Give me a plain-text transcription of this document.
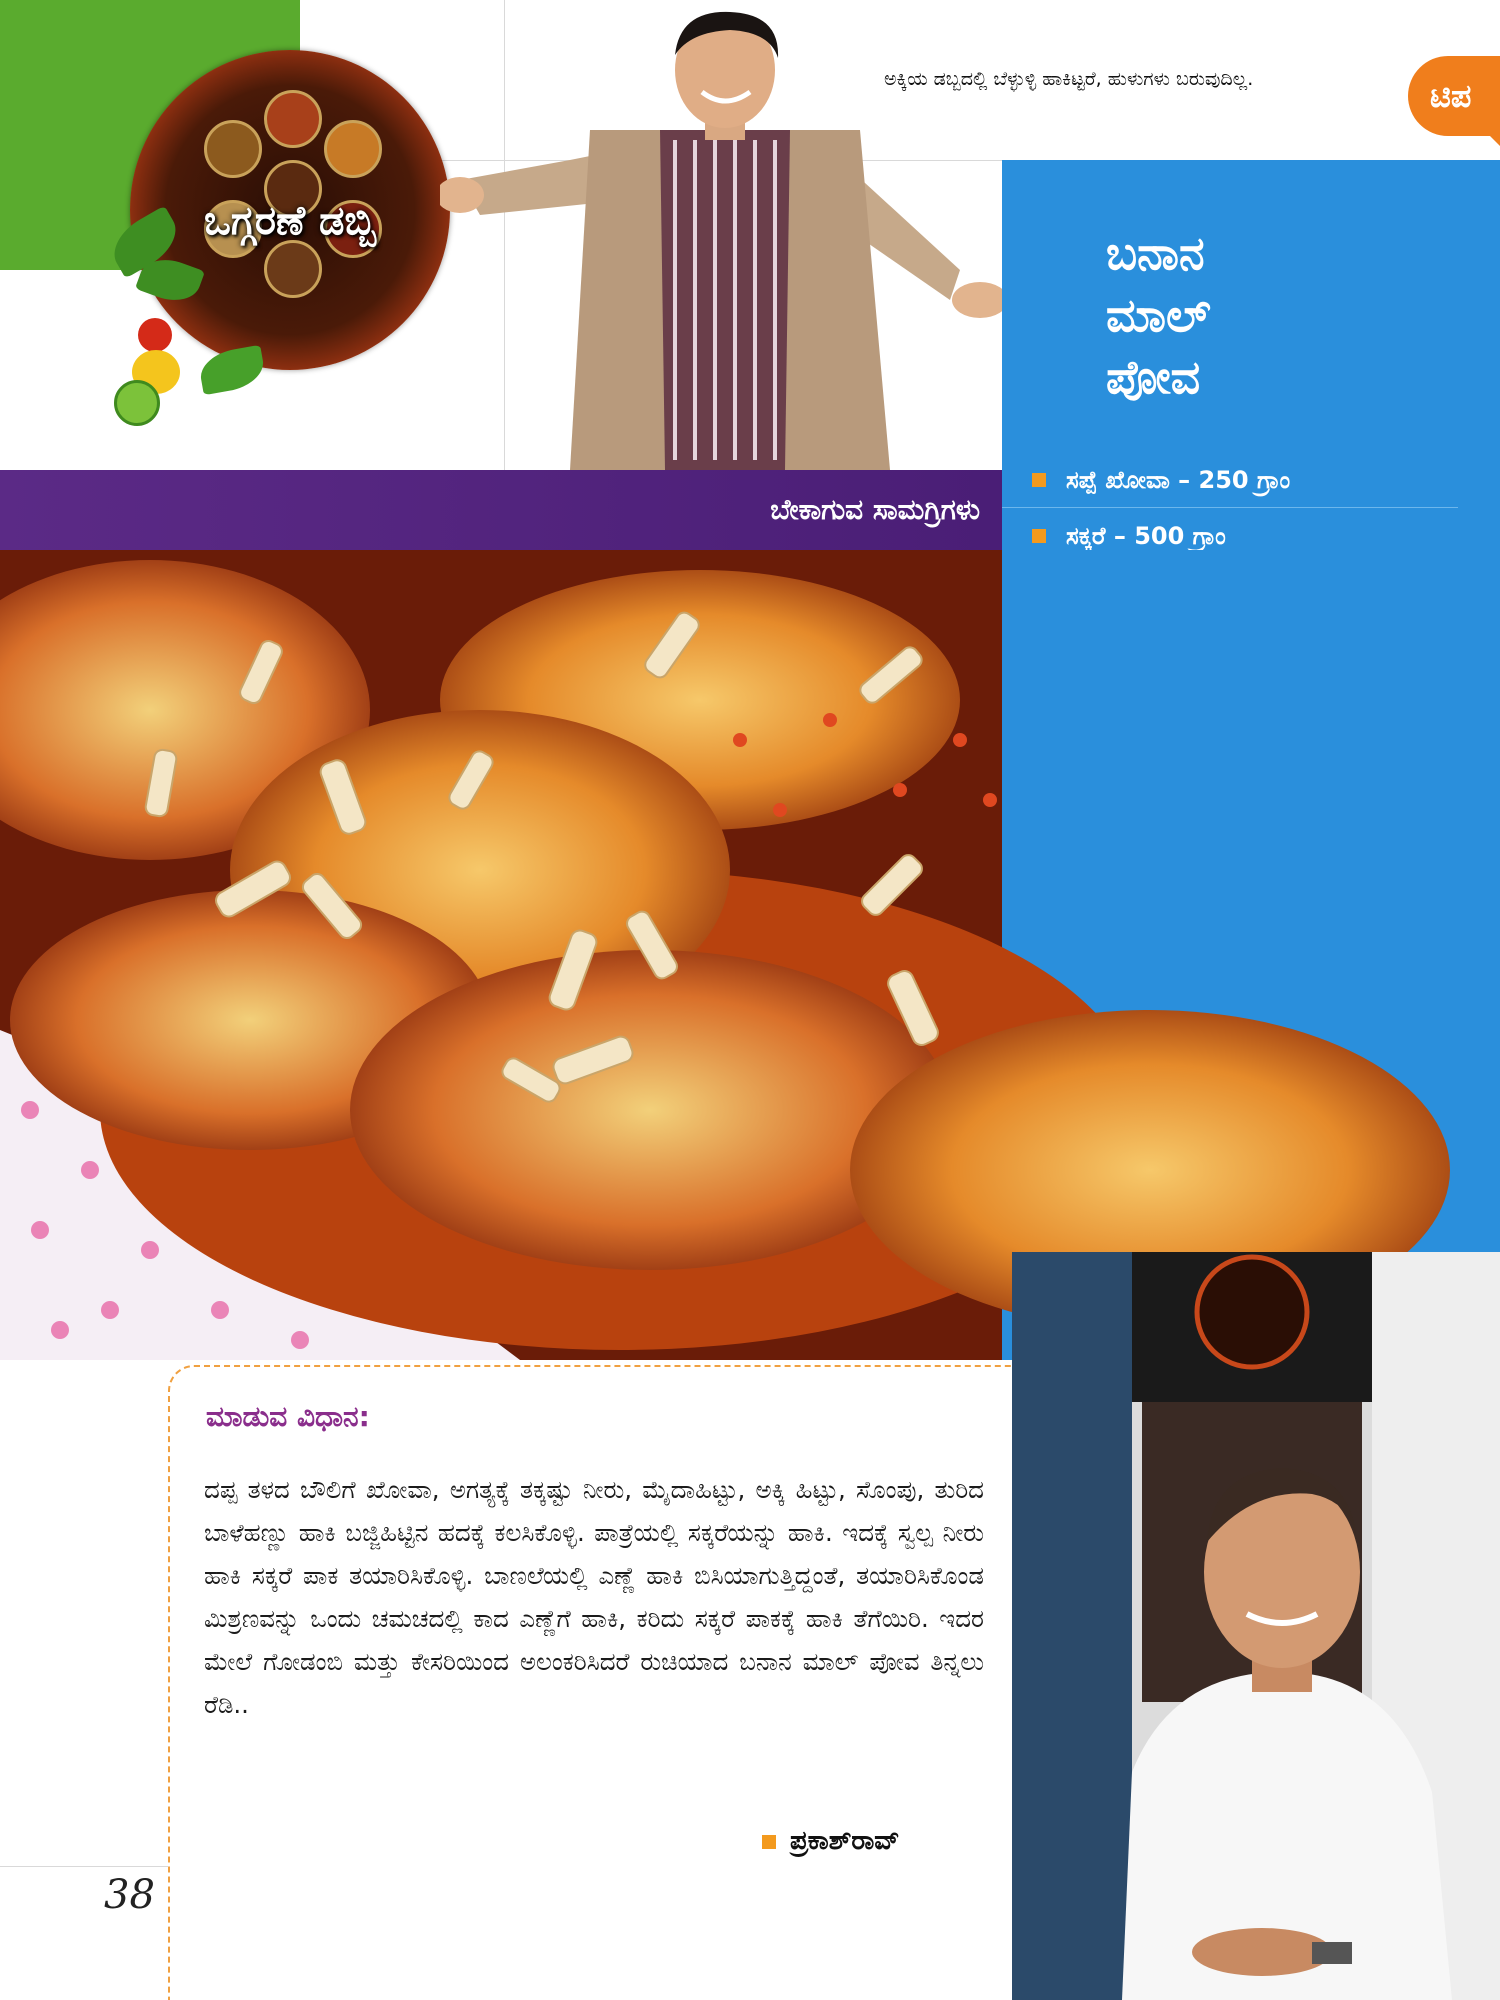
ಒಗ್ಗರಣೆ ಡಬ್ಬಿ
ಅಕ್ಕಿಯ ಡಬ್ಬದಲ್ಲಿ ಬೆಳ್ಳುಳ್ಳಿ ಹಾಕಿಟ್ಟರೆ, ಹುಳುಗಳು ಬರುವುದಿಲ್ಲ.	ಟಿಪ
ಬನಾನ
ಮಾಲ್
ಪೋವ
ಸಪ್ಪೆ ಖೋವಾ – 250 ಗ್ರಾಂ
ಸಕ್ಕರೆ – 500 ಗ್ರಾಂ
ಬೇಕಾಗುವ ಸಾಮಗ್ರಿಗಳು
ಮಾಡುವ ವಿಧಾನ:
ದಪ್ಪ ತಳದ ಬೌಲಿಗೆ ಖೋವಾ, ಅಗತ್ಯಕ್ಕೆ ತಕ್ಕಷ್ಟು ನೀರು, ಮೈದಾಹಿಟ್ಟು, ಅಕ್ಕಿ ಹಿಟ್ಟು, ಸೊಂಪು, ತುರಿದ ಬಾಳೆಹಣ್ಣು ಹಾಕಿ ಬಜ್ಜಿಹಿಟ್ಟಿನ ಹದಕ್ಕೆ ಕಲಸಿಕೊಳ್ಳಿ. ಪಾತ್ರೆಯಲ್ಲಿ ಸಕ್ಕರೆಯನ್ನು ಹಾಕಿ. ಇದಕ್ಕೆ ಸ್ವಲ್ಪ ನೀರು ಹಾಕಿ ಸಕ್ಕರೆ ಪಾಕ ತಯಾರಿಸಿಕೊಳ್ಳಿ. ಬಾಣಲೆಯಲ್ಲಿ ಎಣ್ಣೆ ಹಾಕಿ ಬಿಸಿಯಾಗುತ್ತಿದ್ದಂತೆ, ತಯಾರಿಸಿಕೊಂಡ ಮಿಶ್ರಣವನ್ನು ಒಂದು ಚಮಚದಲ್ಲಿ ಕಾದ ಎಣ್ಣೆಗೆ ಹಾಕಿ, ಕರಿದು ಸಕ್ಕರೆ ಪಾಕಕ್ಕೆ ಹಾಕಿ ತೆಗೆಯಿರಿ. ಇದರ ಮೇಲೆ ಗೋಡಂಬಿ ಮತ್ತು ಕೇಸರಿಯಿಂದ ಅಲಂಕರಿಸಿದರೆ ರುಚಿಯಾದ ಬನಾನ ಮಾಲ್ ಪೋವ ತಿನ್ನಲು ರೆಡಿ..
ಪ್ರಕಾಶ್‌ರಾವ್
38
